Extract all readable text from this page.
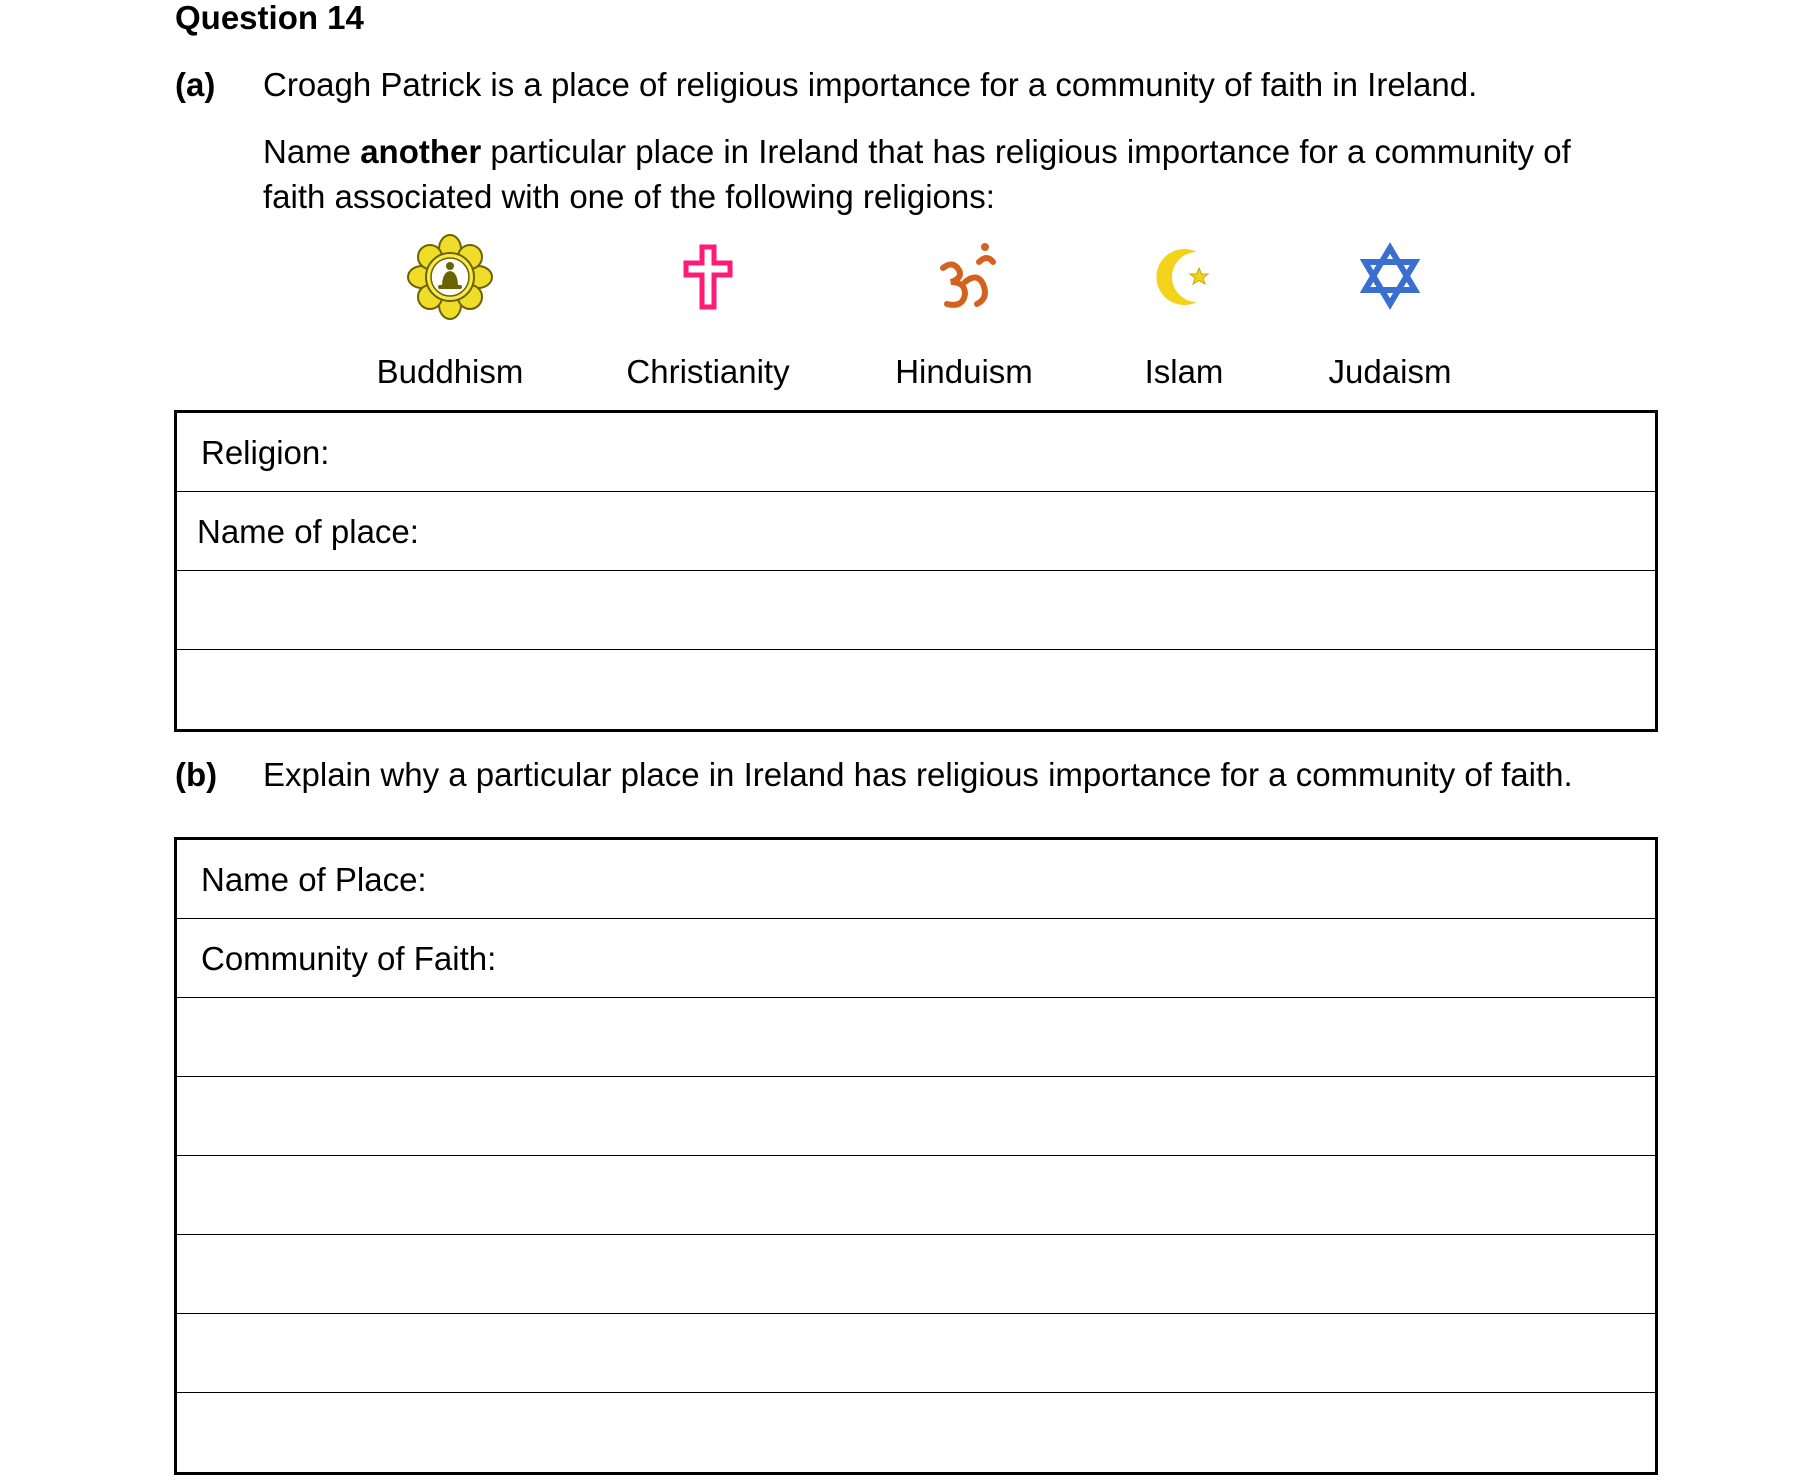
Question 14
(a) Croagh Patrick is a place of religious importance for a community of faith in Ireland.
Name another particular place in Ireland that has religious importance for a community of
faith associated with one of the following religions:
Buddhism	Christianity	Hinduism	Islam	Judaism
Religion:
Name of place:
(b) Explain why a particular place in Ireland has religious importance for a community of faith.
Name of Place:
Community of Faith:
